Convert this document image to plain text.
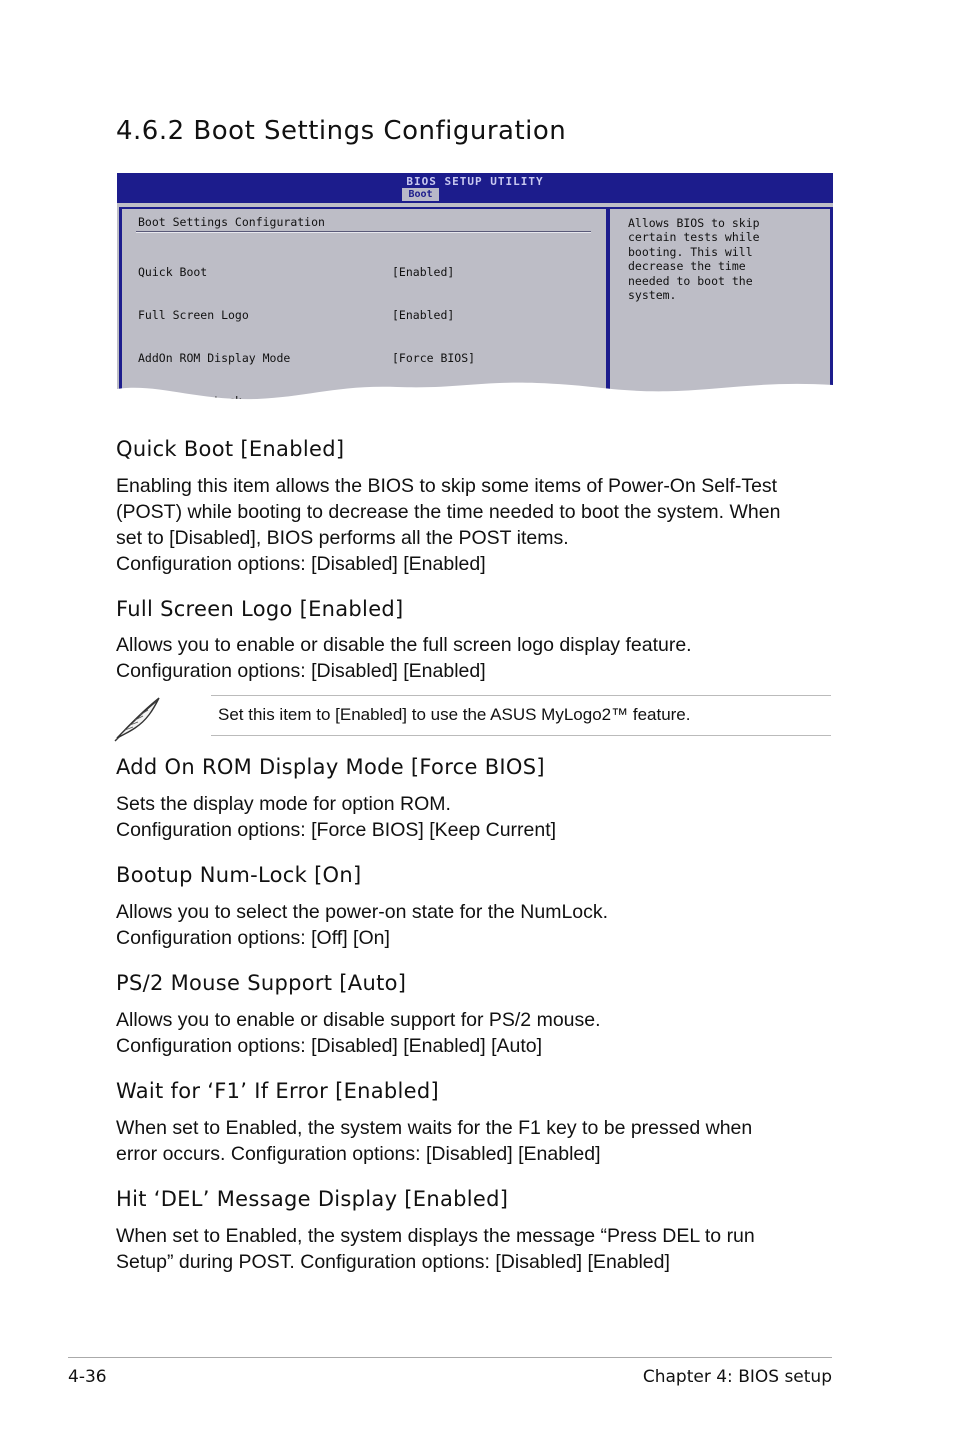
4.6.2 Boot Settings Configuration
BIOS SETUP UTILITY
Boot
Boot Settings Configuration

Quick Boot	[Enabled]

Full Screen Logo	[Enabled]

AddOn ROM Display Mode	[Force BIOS]

Allows BIOS to skip
certain tests while
booting. This will
decrease the time
needed to boot the
system.
Quick Boot [Enabled]

Enabling this item allows the BIOS to skip some items of Power-On Self-Test
(POST) while booting to decrease the time needed to boot the system. When
set to [Disabled], BIOS performs all the POST items.
Configuration options: [Disabled] [Enabled]

Full Screen Logo [Enabled]

Allows you to enable or disable the full screen logo display feature.
Configuration options: [Disabled] [Enabled]

Set this item to [Enabled] to use the ASUS MyLogo2™ feature.
Add On ROM Display Mode [Force BIOS]

Sets the display mode for option ROM.
Configuration options: [Force BIOS] [Keep Current]

Bootup Num-Lock [On]

Allows you to select the power-on state for the NumLock.
Configuration options: [Off] [On]

PS/2 Mouse Support [Auto]

Allows you to enable or disable support for PS/2 mouse.
Configuration options: [Disabled] [Enabled] [Auto]

Wait for ‘F1’ If Error [Enabled]

When set to Enabled, the system waits for the F1 key to be pressed when
error occurs. Configuration options: [Disabled] [Enabled]

Hit ‘DEL’ Message Display [Enabled]

When set to Enabled, the system displays the message “Press DEL to run
Setup” during POST. Configuration options: [Disabled] [Enabled]

4-36	Chapter 4: BIOS setup
